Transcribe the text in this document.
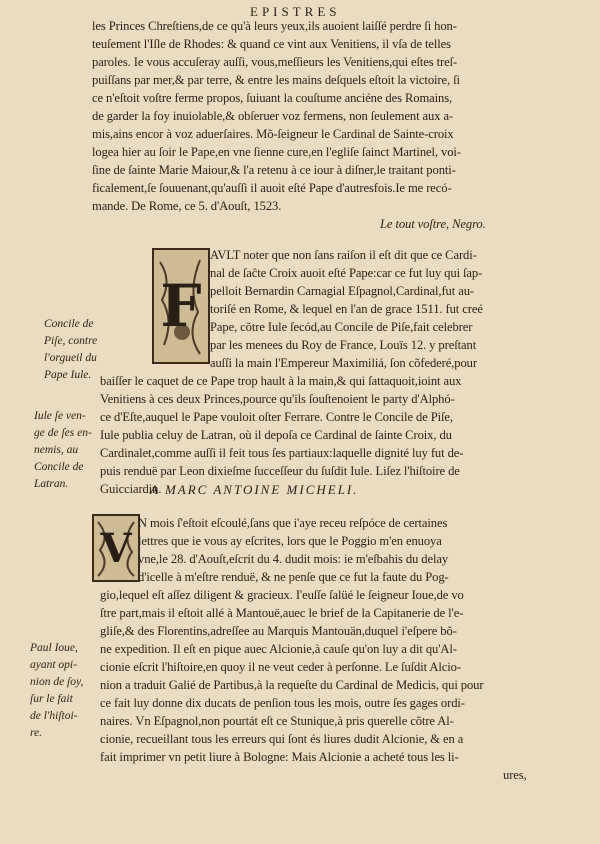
EPISTRES
les Princes Chreſtiens,de ce qu'à leurs yeux,ils auoient laiſſé perdre ſi hon-
teuſement l'Iſle de Rhodes: & quand ce vint aux Venitiens, il vſa de telles
paroles. Ie vous accuſeray auſſi, vous,meſſieurs les Venitiens,qui eſtes treſ-
puiſſans par mer,& par terre, & entre les mains deſquels eſtoit la victoire, ſi
ce n'eſtoit voſtre ferme propos, ſuiuant la couſtume anciéne des Romains,
de garder la foy inuiolable,& obſeruer voz fermens, non ſeulement aux a-
mis,ains encor à voz aduerſaires. Mõ-ſeigneur le Cardinal de Sainte-croix
logea hier au ſoir le Pape,en vne ſienne cure,en l'egliſe ſainct Martinel, voi-
ſine de ſainte Marie Maiour,& l'a retenu à ce iour à diſner,le traitant ponti-
ficalement,ſe ſouuenant,qu'auſſi il auoit eſté Pape d'autresfois.Ie me recó-
mande. De Rome, ce 5. d'Aouſt, 1523.
Le tout voſtre, Negro.
F
AVLT noter que non ſans raiſon il eſt dit que ce Cardi-
nal de ſaĉte Croix auoit eſté Pape:car ce fut luy qui ſap-
pelloit Bernardin Carnagial Eſpagnol,Cardinal,fut au-
toriſé en Rome, & lequel en l'an de grace 1511. fut creé
Pape, cõtre Iule ſecód,au Concile de Piſe,fait celebrer
par les menees du Roy de France, Louïs 12. y preſtant
auſſi la main l'Empereur Maximiliá, ſon cõfederé,pour
baiſſer le caquet de ce Pape trop hault à la main,& qui ſattaquoit,ioint aux
Venitiens à ces deux Princes,pource qu'ils ſouſtenoient le party d'Alphó-
ce d'Eſte,auquel le Pape vouloit oſter Ferrare. Contre le Concile de Piſe,
Iule publia celuy de Latran, où il depoſa ce Cardinal de ſainte Croix, du
Cardinalet,comme auſſi il feit tous ſes partiaux:laquelle dignité luy fut de-
puis renduë par Leon dixieſme ſucceſſeur du ſuſdit Iule. Liſez l'hiſtoire de
Guicciardin.
Concile de
Piſe, contre
l'orgueil du
Pape Iule.
Iule ſe ven-
ge de ſes en-
nemis, au
Concile de
Latran.	A MARC ANTOINE MICHELI.
V
N mois ſ'eſtoit eſcoulé,ſans que i'aye receu reſpóce de certaines
lettres que ie vous ay eſcrites, lors que le Poggio m'en enuoya
vne,le 28. d'Aouſt,eſcrit du 4. dudit mois: ie m'eſbahis du delay
d'icelle à m'eſtre renduë, & ne penſe que ce fut la faute du Pog-
gio,lequel eſt aſſez diligent & gracieux. I'euſſe ſalüé le ſeigneur Ioue,de vo
ſtre part,mais il eſtoit allé à Mantouë,auec le brief de la Capitanerie de l'e-
gliſe,& des Florentins,adreſſee au Marquis Mantouän,duquel i'eſpere bõ-
ne expedition. Il eſt en pique auec Alcionie,à cauſe qu'on luy a dit qu'Al-
cionie eſcrit l'hiſtoire,en quoy il ne veut ceder à perſonne. Le ſuſdit Alcio-
nion a traduit Galié de Partibus,à la requeſte du Cardinal de Medicis, qui pour
ce fait luy donne dix ducats de penſion tous les mois, outre ſes gages ordi-
naires. Vn Eſpagnol,non pourtát eſt ce Stunique,à pris querelle cõtre Al-
cionie, recueillant tous les erreurs qui ſont és liures dudit Alcionie, & en a
fait imprimer vn petit liure à Bologne: Mais Alcionie a acheté tous les li-
ures,
Paul Ioue,
ayant opi-
nion de ſoy,
ſur le fait
de l'hiſtoi-
re.
